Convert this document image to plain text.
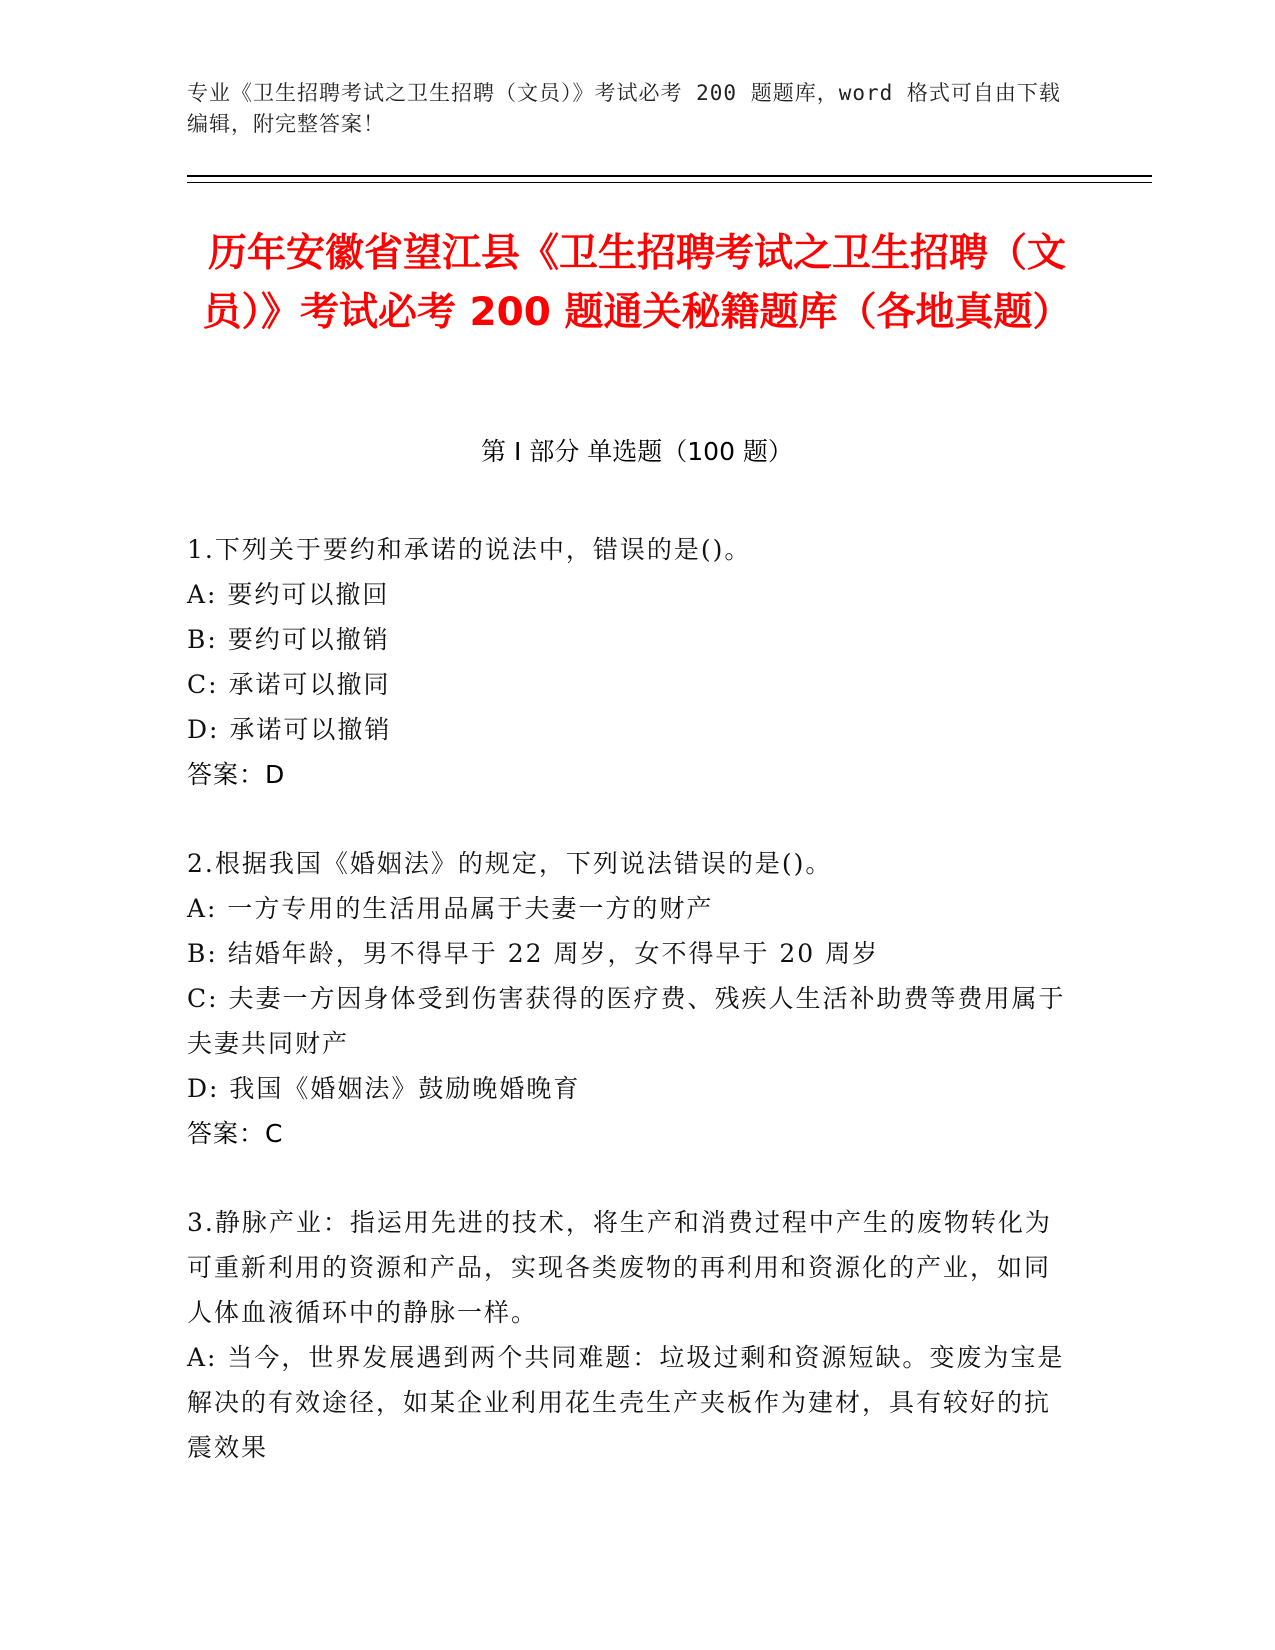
专业《卫生招聘考试之卫生招聘（文员）》考试必考 200 题题库，word 格式可自由下载编辑，附完整答案！
历年安徽省望江县《卫生招聘考试之卫生招聘（文员）》考试必考 200 题通关秘籍题库（各地真题）
第 I 部分 单选题（100 题）
1.下列关于要约和承诺的说法中，错误的是()。
A: 要约可以撤回
B: 要约可以撤销
C: 承诺可以撤同
D: 承诺可以撤销
答案：D
2.根据我国《婚姻法》的规定，下列说法错误的是()。
A: 一方专用的生活用品属于夫妻一方的财产
B: 结婚年龄，男不得早于 22 周岁，女不得早于 20 周岁
C: 夫妻一方因身体受到伤害获得的医疗费、残疾人生活补助费等费用属于夫妻共同财产
D: 我国《婚姻法》鼓励晚婚晚育
答案：C
3.静脉产业：指运用先进的技术，将生产和消费过程中产生的废物转化为可重新利用的资源和产品，实现各类废物的再利用和资源化的产业，如同人体血液循环中的静脉一样。
A: 当今，世界发展遇到两个共同难题：垃圾过剩和资源短缺。变废为宝是解决的有效途径，如某企业利用花生壳生产夹板作为建材，具有较好的抗震效果
